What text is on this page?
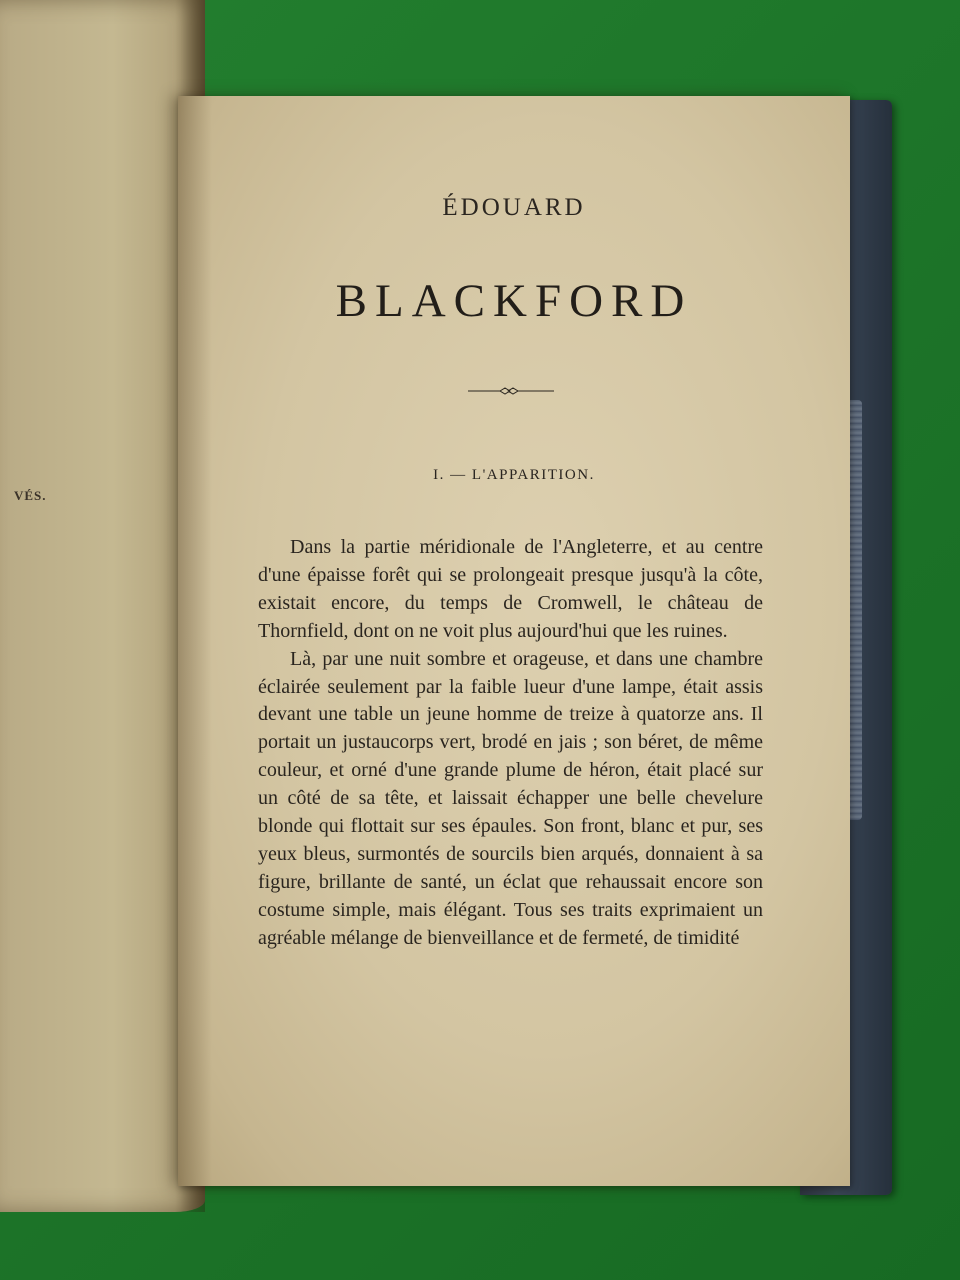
VÉS.
ÉDOUARD
BLACKFORD
I. — L'APPARITION.

Dans la partie méridionale de l'Angleterre, et au centre d'une épaisse forêt qui se prolongeait presque jusqu'à la côte, existait encore, du temps de Cromwell, le château de Thornfield, dont on ne voit plus aujourd'hui que les ruines.

Là, par une nuit sombre et orageuse, et dans une chambre éclairée seulement par la faible lueur d'une lampe, était assis devant une table un jeune homme de treize à quatorze ans. Il portait un justaucorps vert, brodé en jais ; son béret, de même couleur, et orné d'une grande plume de héron, était placé sur un côté de sa tête, et laissait échapper une belle chevelure blonde qui flottait sur ses épaules. Son front, blanc et pur, ses yeux bleus, surmontés de sourcils bien arqués, donnaient à sa figure, brillante de santé, un éclat que rehaussait encore son costume simple, mais élégant. Tous ses traits exprimaient un agréable mélange de bienveillance et de fermeté, de timidité
